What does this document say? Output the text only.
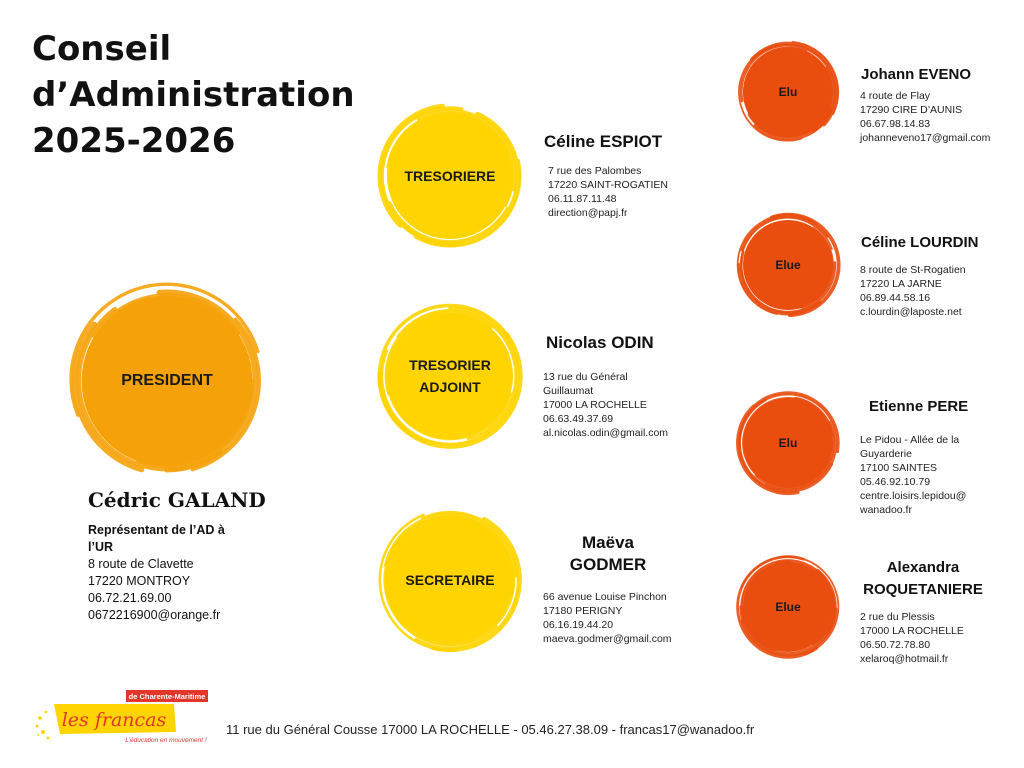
Conseil
d’Administration
2025-2026
PRESIDENT
Cédric GALAND
Représentant de l’AD à
l’UR
8 route de Clavette
17220 MONTROY
06.72.21.69.00
0672216900@orange.fr
TRESORIERE
TRESORIER
ADJOINT
SECRETAIRE
Céline ESPIOT
7 rue des Palombes
17220 SAINT-ROGATIEN
06.11.87.11.48
direction@papj.fr
Nicolas ODIN
13 rue du Général
Guillaumat
17000 LA ROCHELLE
06.63.49.37.69
al.nicolas.odin@gmail.com
Maëva
GODMER
66 avenue Louise Pinchon
17180 PERIGNY
06.16.19.44.20
maeva.godmer@gmail.com
Elu
Elue
Elu
Elue
Johann EVENO
4 route de Flay
17290 CIRE D’AUNIS
06.67.98.14.83
johanneveno17@gmail.com
Céline LOURDIN
8 route de St-Rogatien
17220 LA JARNE
06.89.44.58.16
c.lourdin@laposte.net
Etienne PERE
Le Pidou - Allée de la
Guyarderie
17100 SAINTES
05.46.92.10.79
centre.loisirs.lepidou@
wanadoo.fr
Alexandra
ROQUETANIERE
2 rue du Plessis
17000 LA ROCHELLE
06.50.72.78.80
xelaroq@hotmail.fr
de Charente-Maritime
les francas
L’éducation en mouvement !
11 rue du Général Cousse 17000 LA ROCHELLE - 05.46.27.38.09 - francas17@wanadoo.fr
